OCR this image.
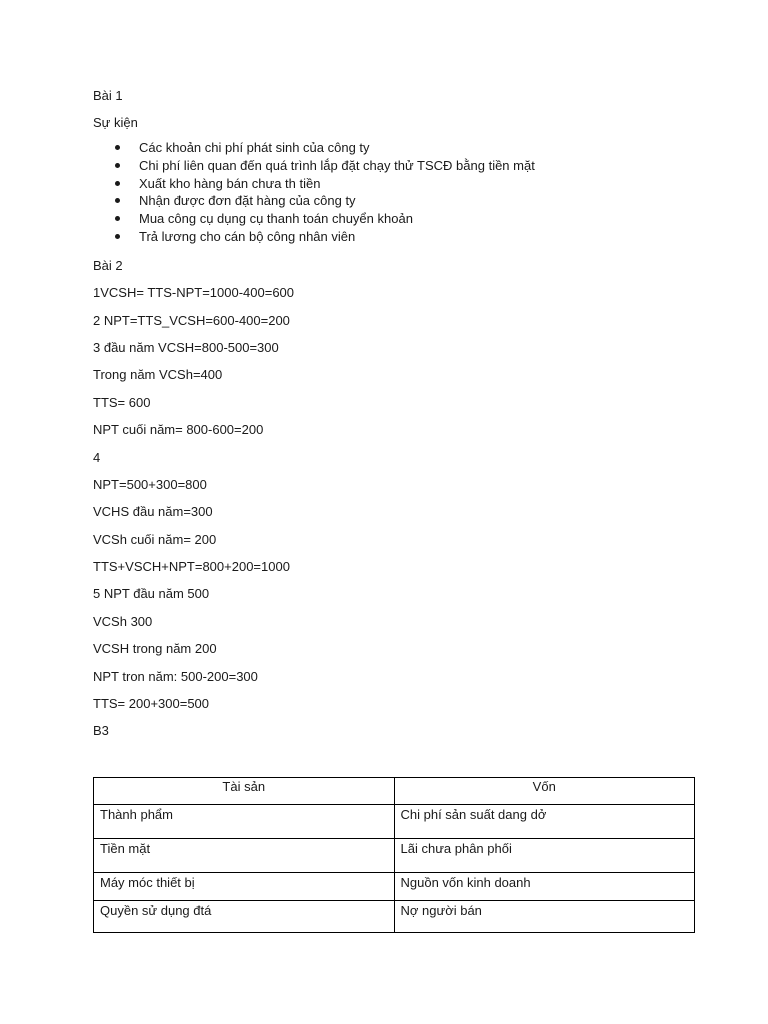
Bài 1
Sự kiện
Các khoản chi phí phát sinh của công ty
Chi phí liên quan đến quá trình lắp đặt chạy thử TSCĐ bằng tiền mặt
Xuất kho hàng bán chưa th tiền
Nhận được đơn đặt hàng của công ty
Mua công cụ dụng cụ thanh toán chuyển khoản
Trả lương cho cán bộ công nhân viên
Bài 2
1VCSH= TTS-NPT=1000-400=600
2 NPT=TTS_VCSH=600-400=200
3 đầu năm VCSH=800-500=300
Trong năm VCSh=400
TTS= 600
NPT cuối năm= 800-600=200
4
NPT=500+300=800
VCHS đầu năm=300
VCSh cuối năm= 200
TTS+VSCH+NPT=800+200=1000
5 NPT đầu năm 500
VCSh 300
VCSH trong năm 200
NPT tron năm: 500-200=300
TTS= 200+300=500
B3
Tài sản	Vốn
Thành phẩm	Chi phí sản suất dang dở
Tiền mặt	Lãi chưa phân phối
Máy móc thiết bị	Nguồn vốn kinh doanh
Quyền sử dụng đtá	Nợ người bán
